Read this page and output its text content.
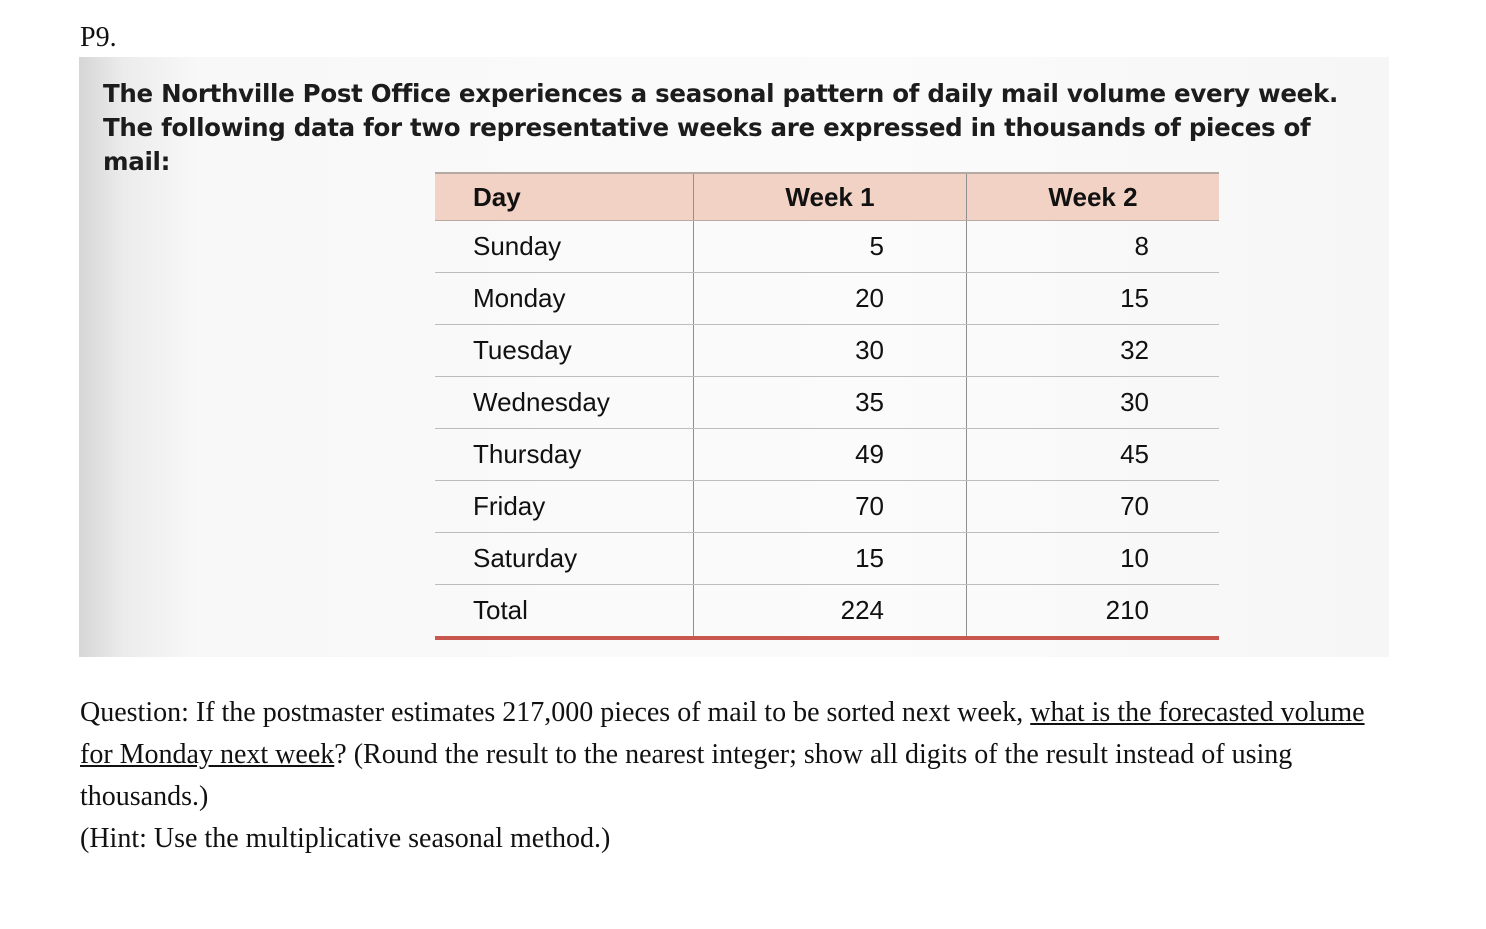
P9.
The Northville Post Office experiences a seasonal pattern of daily mail volume every week. The following data for two representative weeks are expressed in thousands of pieces of mail:
Day	Week 1	Week 2
Sunday	5	8
Monday	20	15
Tuesday	30	32
Wednesday	35	30
Thursday	49	45
Friday	70	70
Saturday	15	10
Total	224	210
Question: If the postmaster estimates 217,000 pieces of mail to be sorted next week, what is the forecasted volume for Monday next week? (Round the result to the nearest integer; show all digits of the result instead of using thousands.)
(Hint: Use the multiplicative seasonal method.)
